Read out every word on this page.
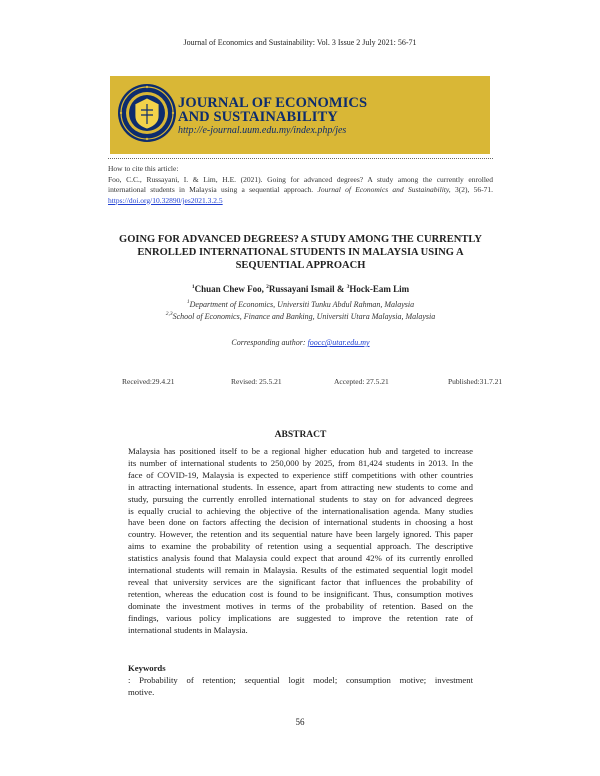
Journal of Economics and Sustainability: Vol. 3 Issue 2 July 2021: 56-71
JOURNAL OF ECONOMICS
AND SUSTAINABILITY
http://e-journal.uum.edu.my/index.php/jes
How to cite this article:
Foo, C.C., Russayani, I. & Lim, H.E. (2021). Going for advanced degrees? A study among the currently enrolled
international students in Malaysia using a sequential approach. Journal of Economics and Sustainability, 3(2), 56-71.
https://doi.org/10.32890/jes2021.3.2.5
GOING FOR ADVANCED DEGREES? A STUDY AMONG THE CURRENTLY
ENROLLED INTERNATIONAL STUDENTS IN MALAYSIA USING A
SEQUENTIAL APPROACH
$^1$Chuan Chew Foo, $^2$Russayani Ismail & $^3$Hock-Eam Lim
$^1$Department of Economics, Universiti Tunku Abdul Rahman, Malaysia
$^{2,3}$School of Economics, Finance and Banking, Universiti Utara Malaysia, Malaysia
Corresponding author: foocc@utar.edu.my
Received:29.4.21	Revised: 25.5.21	Accepted: 27.5.21	Published:31.7.21
ABSTRACT
Malaysia has positioned itself to be a regional higher education hub and targeted to increase
its number of international students to 250,000 by 2025, from 81,424 students in 2013. In the
face of COVID-19, Malaysia is expected to experience stiff competitions with other countries
in attracting international students. In essence, apart from attracting new students to come and
study, pursuing the currently enrolled international students to stay on for advanced degrees
is equally crucial to achieving the objective of the internationalisation agenda. Many studies
have been done on factors affecting the decision of international students in choosing a host
country. However, the retention and its sequential nature have been largely ignored. This paper
aims to examine the probability of retention using a sequential approach. The descriptive
statistics analysis found that Malaysia could expect that around 42% of its currently enrolled
international students will remain in Malaysia. Results of the estimated sequential logit model
reveal that university services are the significant factor that influences the probability of
retention, whereas the education cost is found to be insignificant. Thus, consumption motives
dominate the investment motives in terms of the probability of retention. Based on the
findings, various policy implications are suggested to improve the retention rate of
international students in Malaysia.
Keywords
: Probability of retention; sequential logit model; consumption motive; investment
motive.
56
